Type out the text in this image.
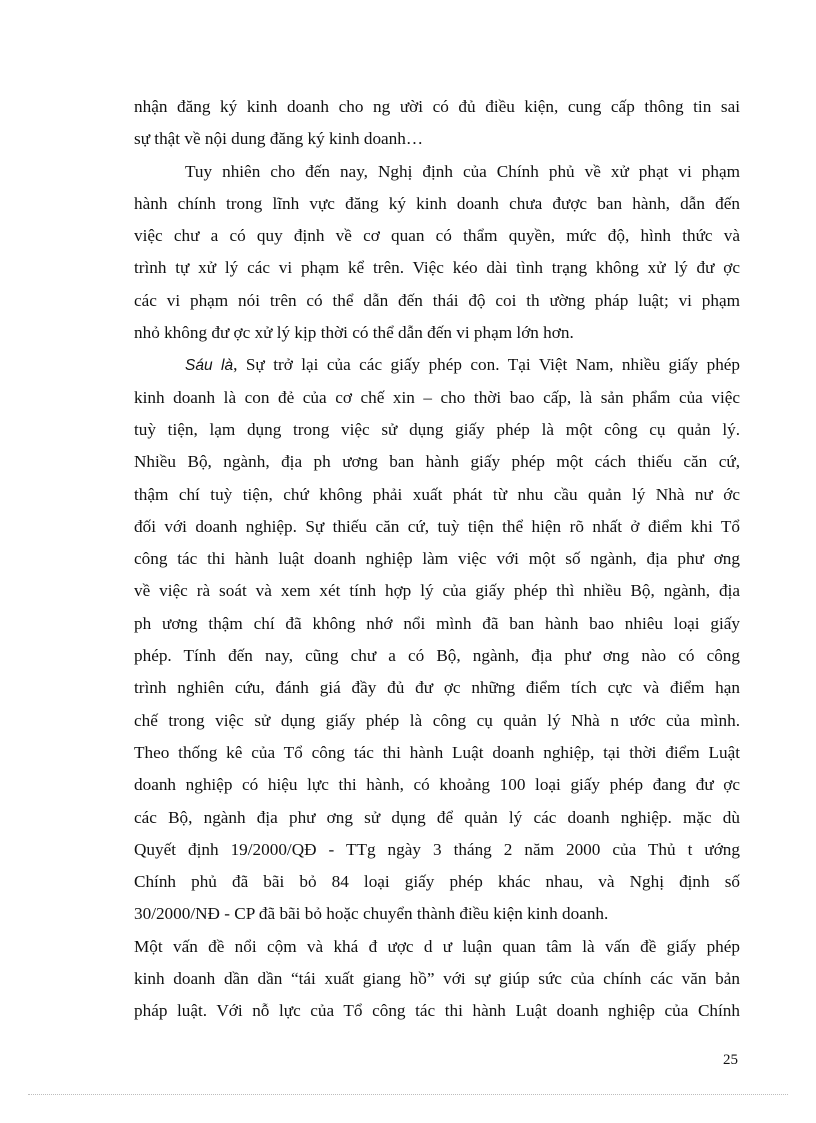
nhận đăng ký kinh doanh cho ng ười có đủ điều kiện, cung cấp thông tin sai
sự thật về nội dung đăng ký kinh doanh…
Tuy nhiên cho đến nay, Nghị định của Chính phủ về xử phạt vi phạm
hành chính trong lĩnh vực đăng ký kinh doanh chưa được ban hành, dẫn đến
việc chư a có quy định về cơ quan có thẩm quyền, mức độ, hình thức và
trình tự xử lý các vi phạm kể trên. Việc kéo dài tình trạng không xử lý đư ợc
các vi phạm nói trên có thể dẫn đến thái độ coi th ường pháp luật; vi phạm
nhỏ không đư ợc xử lý kịp thời có thể dẫn đến vi phạm lớn hơn.
Sáu là, Sự trở lại của các giấy phép con. Tại Việt Nam, nhiều giấy phép
kinh doanh là con đẻ của cơ chế xin – cho thời bao cấp, là sản phẩm của việc
tuỳ tiện, lạm dụng trong việc sử dụng giấy phép là một công cụ quản lý.
Nhiều Bộ, ngành, địa ph ương ban hành giấy phép một cách thiếu căn cứ,
thậm chí tuỳ tiện, chứ không phải xuất phát từ nhu cầu quản lý Nhà nư ớc
đối với doanh nghiệp. Sự thiếu căn cứ, tuỳ tiện thể hiện rõ nhất ở điểm khi Tổ
công tác thi hành luật doanh nghiệp làm việc với một số ngành, địa phư ơng
về việc rà soát và xem xét tính hợp lý của giấy phép thì nhiều Bộ, ngành, địa
ph ương thậm chí đã không nhớ nổi mình đã ban hành bao nhiêu loại giấy
phép. Tính đến nay, cũng chư a có Bộ, ngành, địa phư ơng nào có công
trình nghiên cứu, đánh giá đầy đủ đư ợc những điểm tích cực và điểm hạn
chế trong việc sử dụng giấy phép là công cụ quản lý Nhà n ước của mình.
Theo thống kê của Tổ công tác thi hành Luật doanh nghiệp, tại thời điểm Luật
doanh nghiệp có hiệu lực thi hành, có khoảng 100 loại giấy phép đang đư ợc
các Bộ, ngành địa phư ơng sử dụng để quản lý các doanh nghiệp. mặc dù
Quyết định 19/2000/QĐ - TTg ngày 3 tháng 2 năm 2000 của Thủ t ướng
Chính phủ đã bãi bỏ 84 loại giấy phép khác nhau, và Nghị định số
30/2000/NĐ - CP đã bãi bỏ hoặc chuyển thành điều kiện kinh doanh.
Một vấn đề nổi cộm và khá đ ược d ư luận quan tâm là vấn đề giấy phép
kinh doanh dần dần “tái xuất giang hồ” với sự giúp sức của chính các văn bản
pháp luật. Với nỗ lực của Tổ công tác thi hành Luật doanh nghiệp của Chính
25
